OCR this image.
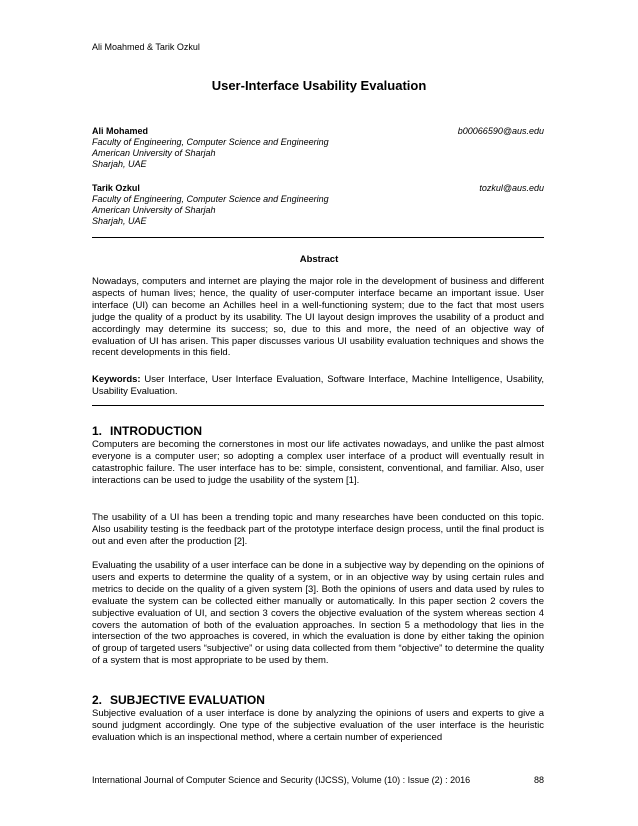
Ali Moahmed & Tarik Ozkul
User-Interface Usability Evaluation
Ali Mohamed	b00066590@aus.edu
Faculty of Engineering, Computer Science and Engineering
American University of Sharjah
Sharjah, UAE
Tarik Ozkul	tozkul@aus.edu
Faculty of Engineering, Computer Science and Engineering
American University of Sharjah
Sharjah, UAE
Abstract

Nowadays, computers and internet are playing the major role in the development of business and different aspects of human lives; hence, the quality of user-computer interface became an important issue. User interface (UI) can become an Achilles heel in a well-functioning system; due to the fact that most users judge the quality of a product by its usability. The UI layout design improves the usability of a product and accordingly may determine its success; so, due to this and more, the need of an objective way of evaluation of UI has arisen. This paper discusses various UI usability evaluation techniques and shows the recent developments in this field.

Keywords: User Interface, User Interface Evaluation, Software Interface, Machine Intelligence, Usability, Usability Evaluation.

1. INTRODUCTION

Computers are becoming the cornerstones in most our life activates nowadays, and unlike the past almost everyone is a computer user; so adopting a complex user interface of a product will eventually result in catastrophic failure. The user interface has to be: simple, consistent, conventional, and familiar. Also, user interactions can be used to judge the usability of the system [1].

The usability of a UI has been a trending topic and many researches have been conducted on this topic. Also usability testing is the feedback part of the prototype interface design process, until the final product is out and even after the production [2].

Evaluating the usability of a user interface can be done in a subjective way by depending on the opinions of users and experts to determine the quality of a system, or in an objective way by using certain rules and metrics to decide on the quality of a given system [3]. Both the opinions of users and data used by rules to evaluate the system can be collected either manually or automatically. In this paper section 2 covers the subjective evaluation of UI, and section 3 covers the objective evaluation of the system whereas section 4 covers the automation of both of the evaluation approaches. In section 5 a methodology that lies in the intersection of the two approaches is covered, in which the evaluation is done by either taking the opinion of group of targeted users “subjective” or using data collected from them “objective” to determine the quality of a system that is most appropriate to be used by them.

2. SUBJECTIVE EVALUATION

Subjective evaluation of a user interface is done by analyzing the opinions of users and experts to give a sound judgment accordingly. One type of the subjective evaluation of the user interface is the heuristic evaluation which is an inspectional method, where a certain number of experienced

International Journal of Computer Science and Security (IJCSS), Volume (10) : Issue (2) : 2016	88
